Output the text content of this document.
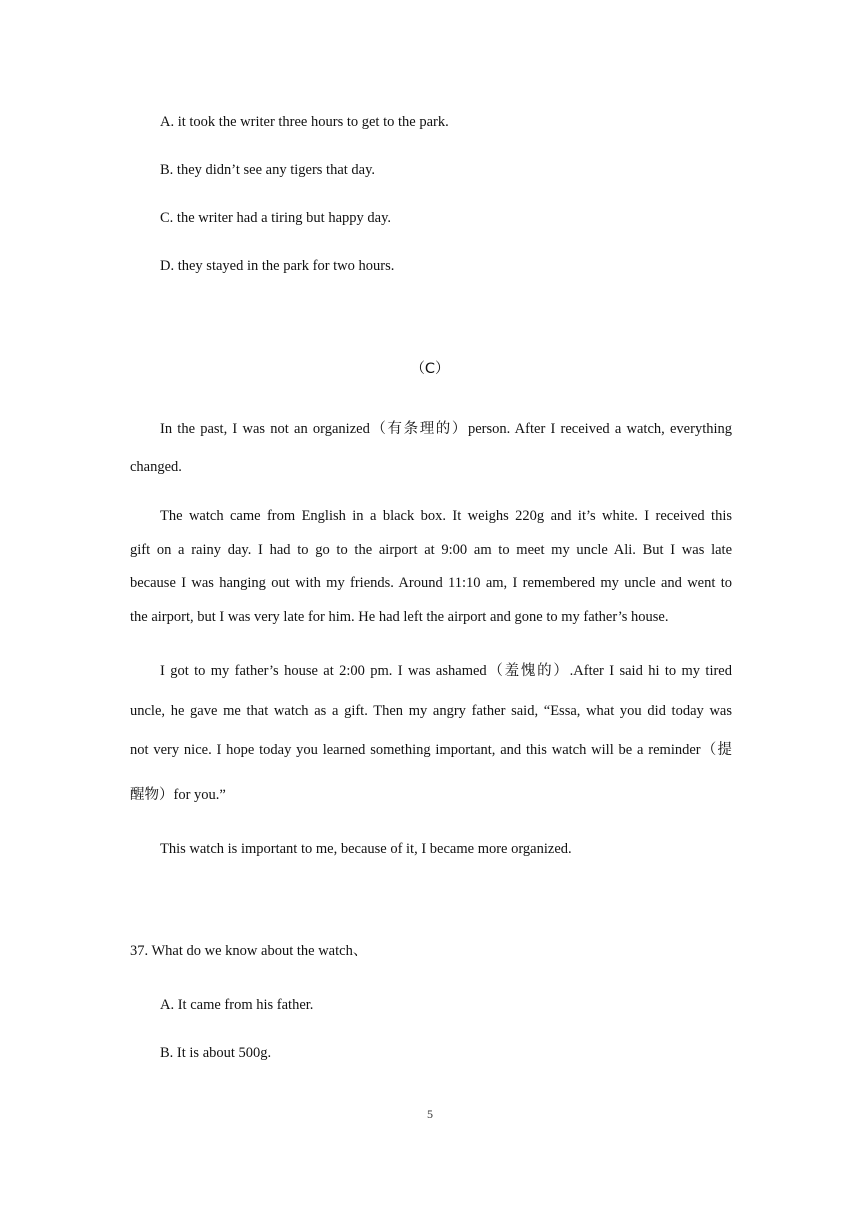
A. it took the writer three hours to get to the park.
B. they didn’t see any tigers that day.
C. the writer had a tiring but happy day.
D. they stayed in the park for two hours.
（C）
In the past, I was not an organized（有条理的）person. After I received a watch, everything
changed.
The watch came from English in a black box. It weighs 220g and it’s white. I received this
gift on a rainy day. I had to go to the airport at 9:00 am to meet my uncle Ali. But I was late
because I was hanging out with my friends. Around 11:10 am, I remembered my uncle and went to
the airport, but I was very late for him. He had left the airport and gone to my father’s house.
I got to my father’s house at 2:00 pm. I was ashamed（羞愧的）.After I said hi to my tired
uncle, he gave me that watch as a gift. Then my angry father said, “Essa, what you did today was
not very nice. I hope today you learned something important, and this watch will be a reminder（提
醒物）for you.”
This watch is important to me, because of it, I became more organized.
37. What do we know about the watch、
A. It came from his father.
B. It is about 500g.
5
